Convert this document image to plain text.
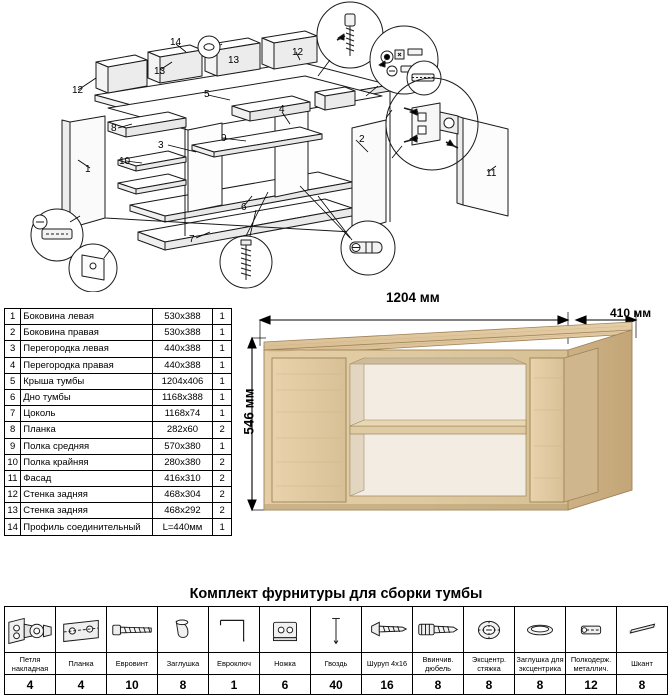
1
2
3
4
5
6
7
8
9
10
11
12
13
14
12
13
1	Боковина левая	530х388	1
2	Боковина правая	530х388	1
3	Перегородка левая	440х388	1
4	Перегородка правая	440х388	1
5	Крыша тумбы	1204х406	1
6	Дно тумбы	1168х388	1
7	Цоколь	1168х74	1
8	Планка	282х60	2
9	Полка средняя	570х380	1
10	Полка крайняя	280х380	2
11	Фасад	416х310	2
12	Стенка задняя	468х304	2
13	Стенка задняя	468х292	2
14	Профиль соединительный	L=440мм	1
1204 мм
410 мм
546 мм
Комплект фурнитуры для сборки тумбы

Петля накладная	Планка	Евровинт	Заглушка	Евроключ	Ножка	Гвоздь	Шуруп 4х16	Ввинчив. дюбель	Эксцентр. стяжка	Заглушка для эксцентрика	Полкодерж. металлич.	Шкант
4	4	10	8	1	6	40	16	8	8	8	12	8
